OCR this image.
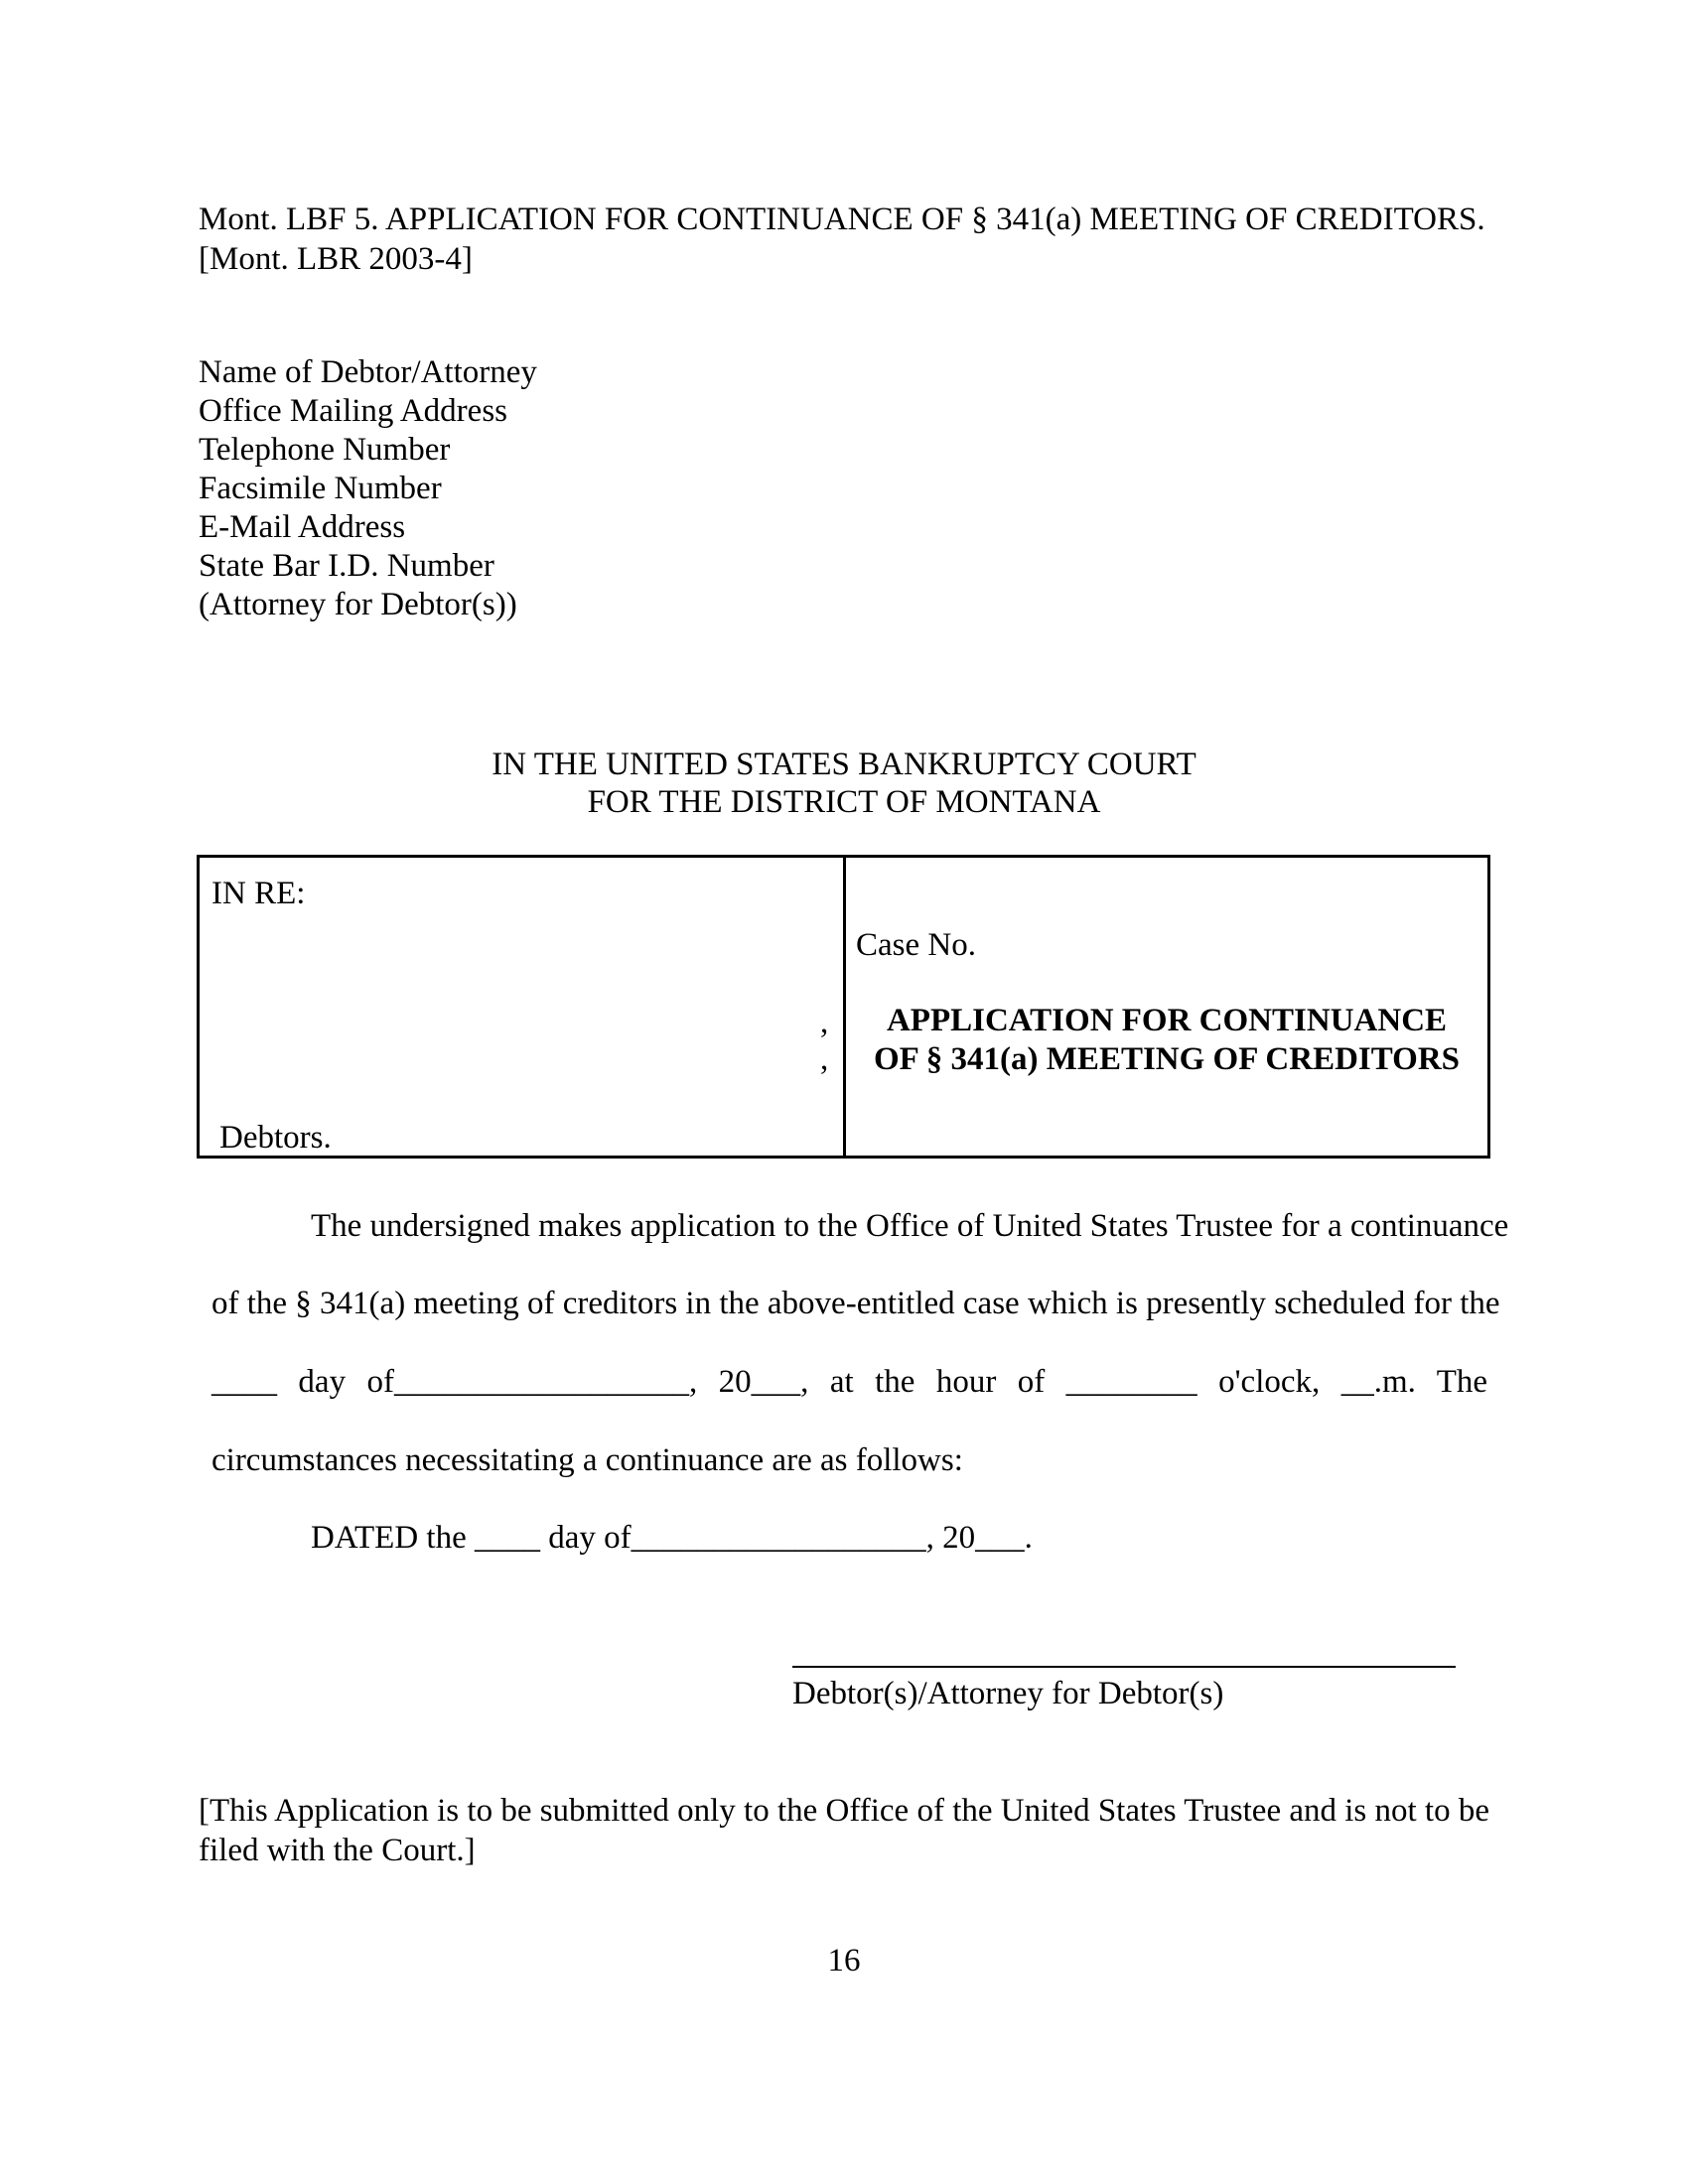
Mont. LBF 5. APPLICATION FOR CONTINUANCE OF § 341(a) MEETING OF CREDITORS.
[Mont. LBR 2003-4]
Name of Debtor/Attorney
Office Mailing Address
Telephone Number
Facsimile Number
E-Mail Address
State Bar I.D. Number
(Attorney for Debtor(s))
IN THE UNITED STATES BANKRUPTCY COURT
FOR THE DISTRICT OF MONTANA
IN RE:
,
,
Debtors.
Case No.
APPLICATION FOR CONTINUANCE
OF § 341(a) MEETING OF CREDITORS
The undersigned makes application to the Office of United States Trustee for a continuance
of the § 341(a) meeting of creditors in the above-entitled case which is presently scheduled for the
____ day of__________________, 20___, at the hour of ________ o'clock, __.m. The
circumstances necessitating a continuance are as follows:
DATED the ____ day of__________________, 20___.
Debtor(s)/Attorney for Debtor(s)
[This Application is to be submitted only to the Office of the United States Trustee and is not to be filed with the Court.]
16
